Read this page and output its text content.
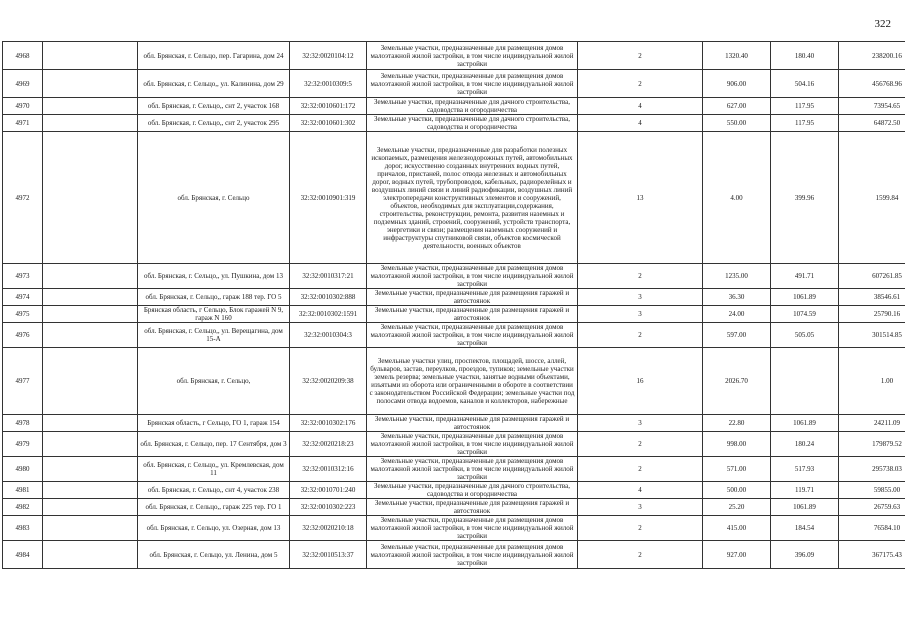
322
4968		обл. Брянская, г. Сельцо, пер. Гагарина, дом 24	32:32:0020104:12	Земельные участки, предназначенные для размещения домов малоэтажной жилой застройки, в том числе индивидуальной жилой застройки	2	1320.40	180.40	238200.16
4969		обл. Брянская, г. Сельцо,, ул. Калинина, дом 29	32:32:0010309:5	Земельные участки, предназначенные для размещения домов малоэтажной жилой застройки, в том числе индивидуальной жилой застройки	2	906.00	504.16	456768.96
4970		обл. Брянская, г. Сельцо,, снт 2, участок 168	32:32:0010601:172	Земельные участки, предназначенные для дачного строительства, садоводства и огородничества	4	627.00	117.95	73954.65
4971		обл. Брянская, г. Сельцо,, снт 2, участок 295	32:32:0010601:302	Земельные участки, предназначенные для дачного строительства, садоводства и огородничества	4	550.00	117.95	64872.50
4972		обл. Брянская, г. Сельцо	32:32:0010901:319	Земельные участки, предназначенные для разработки полезных ископаемых, размещения железнодорожных путей, автомобильных дорог, искусственно созданных внутренних водных путей, причалов, пристаней, полос отвода железных и автомобильных дорог, водных путей, трубопроводов, кабельных, радиорелейных и воздушных линий связи и линий радиофикации, воздушных линий электропередачи конструктивных элементов и сооружений, объектов, необходимых для эксплуатации,содержания, строительства, реконструкции, ремонта, развития наземных и подземных зданий, строений, сооружений, устройств транспорта, энергетики и связи; размещения наземных сооружений и инфраструктуры спутниковой связи, объектов космической деятельности, военных объектов	13	4.00	399.96	1599.84
4973		обл. Брянская, г. Сельцо,, ул. Пушкина, дом 13	32:32:0010317:21	Земельные участки, предназначенные для размещения домов малоэтажной жилой застройки, в том числе индивидуальной жилой застройки	2	1235.00	491.71	607261.85
4974		обл. Брянская, г. Сельцо,, гараж 188 тер. ГО 5	32:32:0010302:888	Земельные участки, предназначенные для размещения гаражей и автостоянок	3	36.30	1061.89	38546.61
4975		Брянская область, г Сельцо, Блок гаражей N 9, гараж N 160	32:32:0010302:1591	Земельные участки, предназначенные для размещения гаражей и автостоянок	3	24.00	1074.59	25790.16
4976		обл. Брянская, г. Сельцо,, ул. Верещагина, дом 15-А	32:32:0010304:3	Земельные участки, предназначенные для размещения домов малоэтажной жилой застройки, в том числе индивидуальной жилой застройки	2	597.00	505.05	301514.85
4977		обл. Брянская, г. Сельцо,	32:32:0020209:38	Земельные участки улиц, проспектов, площадей, шоссе, аллей, бульваров, застав, переулков, проездов, тупиков; земельные участки земель резерва; земельные участки, занятые водными объектами, изъятыми из оборота или ограниченными в обороте в соответствии с законодательством Российской Федерации; земельные участки под полосами отвода водоемов, каналов и коллекторов, набережные	16	2026.70		1.00
4978		Брянская область, г Сельцо, ГО 1, гараж 154	32:32:0010302:176	Земельные участки, предназначенные для размещения гаражей и автостоянок	3	22.80	1061.89	24211.09
4979		обл. Брянская, г. Сельцо, пер. 17 Сентября, дом 3	32:32:0020218:23	Земельные участки, предназначенные для размещения домов малоэтажной жилой застройки, в том числе индивидуальной жилой застройки	2	998.00	180.24	179879.52
4980		обл. Брянская, г. Сельцо,, ул. Кремлевская, дом 11	32:32:0010312:16	Земельные участки, предназначенные для размещения домов малоэтажной жилой застройки, в том числе индивидуальной жилой застройки	2	571.00	517.93	295738.03
4981		обл. Брянская, г. Сельцо,, снт 4, участок 238	32:32:0010701:240	Земельные участки, предназначенные для дачного строительства, садоводства и огородничества	4	500.00	119.71	59855.00
4982		обл. Брянская, г. Сельцо,, гараж 225 тер. ГО 1	32:32:0010302:223	Земельные участки, предназначенные для размещения гаражей и автостоянок	3	25.20	1061.89	26759.63
4983		обл. Брянская, г. Сельцо, ул. Озерная, дом 13	32:32:0020210:18	Земельные участки, предназначенные для размещения домов малоэтажной жилой застройки, в том числе индивидуальной жилой застройки	2	415.00	184.54	76584.10
4984		обл. Брянская, г. Сельцо, ул. Ленина, дом 5	32:32:0010513:37	Земельные участки, предназначенные для размещения домов малоэтажной жилой застройки, в том числе индивидуальной жилой застройки	2	927.00	396.09	367175.43
